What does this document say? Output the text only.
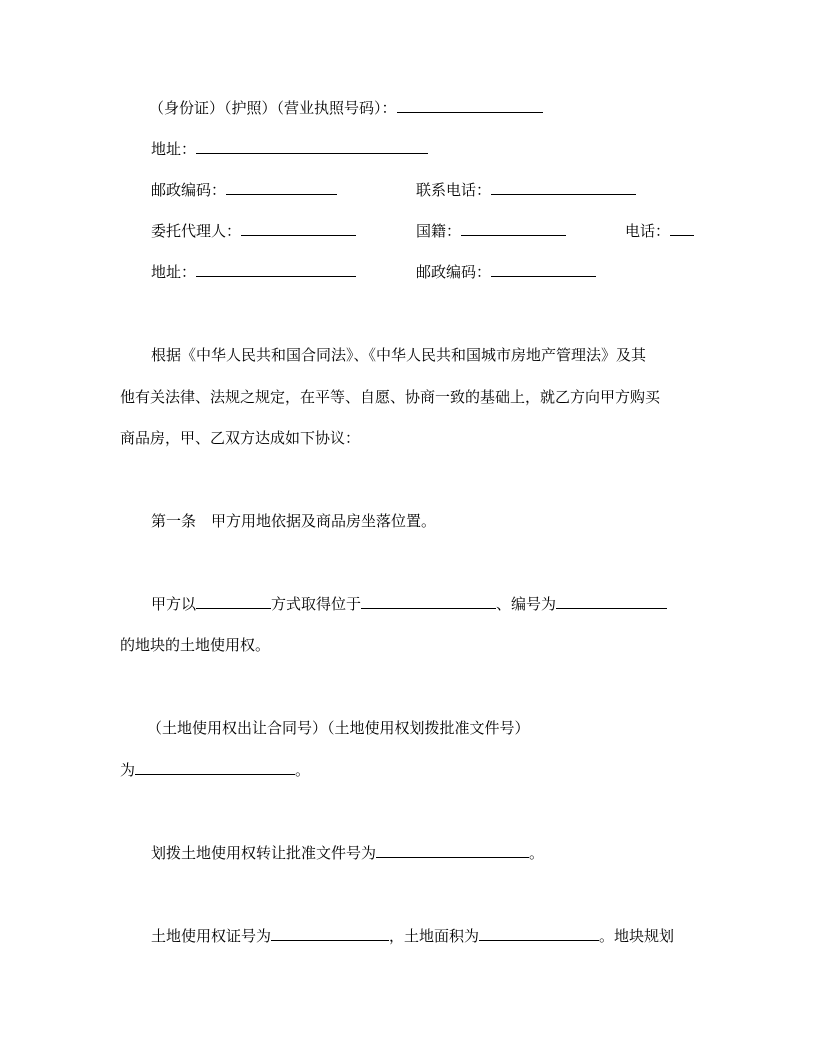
（身份证）（护照）（营业执照号码）：
地址：
邮政编码：	联系电话：
委托代理人：	国籍：	电话：
地址：	邮政编码：
根据《中华人民共和国合同法》、《中华人民共和国城市房地产管理法》及其
他有关法律、法规之规定，在平等、自愿、协商一致的基础上，就乙方向甲方购买
商品房，甲、乙双方达成如下协议：
第一条　甲方用地依据及商品房坐落位置。
甲方以	方式取得位于	、编号为
的地块的土地使用权。
（土地使用权出让合同号）（土地使用权划拨批准文件号）
为	。
划拨土地使用权转让批准文件号为	。
土地使用权证号为	，土地面积为	。地块规划
